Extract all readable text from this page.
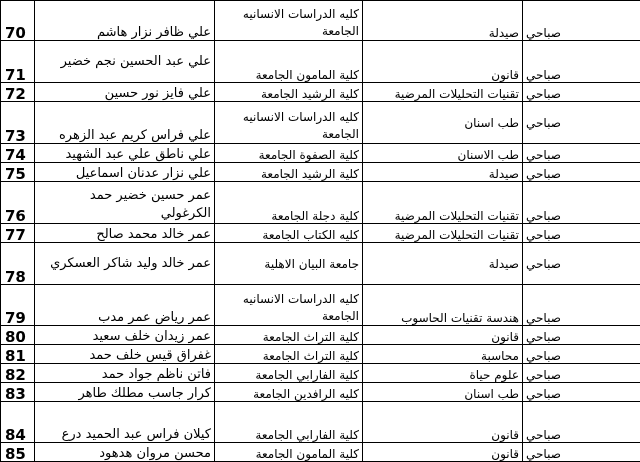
70	علي ظافر نزار هاشم	كليه الدراسات الانسانيه الجامعة	صيدلة	صباحي
71	علي عبد الحسين نجم خضير	كلية المامون الجامعة	قانون	صباحي
72	علي فايز نور حسين	كلية الرشيد الجامعة	تقنيات التحليلات المرضية	صباحي
73	علي فراس كريم عبد الزهره	كليه الدراسات الانسانيه الجامعة	طب اسنان	صباحي
74	علي ناطق علي عبد الشهيد	كلية الصفوة الجامعة	طب الاسنان	صباحي
75	علي نزار عدنان اسماعيل	كلية الرشيد الجامعة	صيدلة	صباحي
76	عمر حسين خضير حمد الكرغولي	كلية دجلة الجامعة	تقنيات التحليلات المرضية	صباحي
77	عمر خالد محمد صالح	كليه الكتاب الجامعة	تقنيات التحليلات المرضية	صباحي
78	عمر خالد وليد شاكر العسكري	جامعة البيان الاهلية	صيدلة	صباحي
79	عمر رياض عمر مدب	كليه الدراسات الانسانيه الجامعة	هندسة تقنيات الحاسوب	صباحي
80	عمر زيدان خلف سعيد	كلية التراث الجامعة	قانون	صباحي
81	غفراق قيس خلف حمد	كلية التراث الجامعة	محاسبة	صباحي
82	فاتن ناظم جواد حمد	كلية الفارابي الجامعة	علوم حياة	صباحي
83	كرار جاسب مطلك طاهر	كليه الرافدين الجامعة	طب اسنان	صباحي
84	كيلان فراس عبد الحميد درع	كلية الفارابي الجامعة	قانون	صباحي
85	محسن مروان هدهود	كلية المامون الجامعة	قانون	صباحي
